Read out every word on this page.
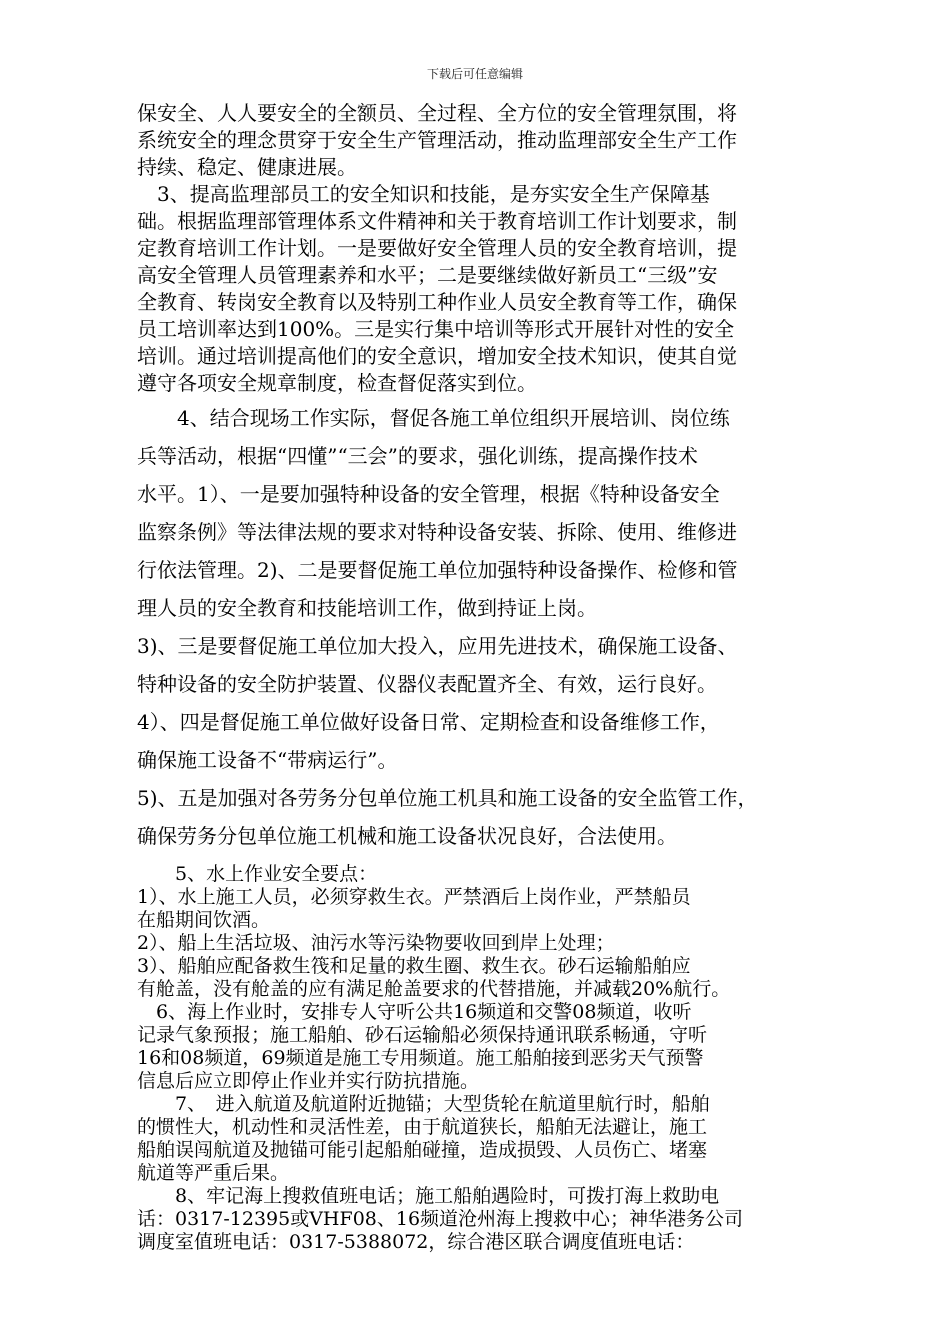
下载后可任意编辑

保安全、人人要安全的全额员、全过程、全方位的安全管理氛围，将

系统安全的理念贯穿于安全生产管理活动，推动监理部安全生产工作

持续、稳定、健康进展。

　3、提高监理部员工的安全知识和技能，是夯实安全生产保障基

础。根据监理部管理体系文件精神和关于教育培训工作计划要求，制

定教育培训工作计划。一是要做好安全管理人员的安全教育培训，提

高安全管理人员管理素养和水平；二是要继续做好新员工“三级”安

全教育、转岗安全教育以及特别工种作业人员安全教育等工作，确保

员工培训率达到100%。三是实行集中培训等形式开展针对性的安全

培训。通过培训提高他们的安全意识，增加安全技术知识，使其自觉

遵守各项安全规章制度，检查督促落实到位。

　　4、结合现场工作实际，督促各施工单位组织开展培训、岗位练

兵等活动，根据“四懂”“三会”的要求，强化训练，提高操作技术

水平。1）、一是要加强特种设备的安全管理，根据《特种设备安全

监察条例》等法律法规的要求对特种设备安装、拆除、使用、维修进

行依法管理。2)、二是要督促施工单位加强特种设备操作、检修和管

理人员的安全教育和技能培训工作，做到持证上岗。

3)、三是要督促施工单位加大投入，应用先进技术，确保施工设备、

特种设备的安全防护装置、仪器仪表配置齐全、有效，运行良好。

4）、四是督促施工单位做好设备日常、定期检查和设备维修工作，

确保施工设备不“带病运行”。

5)、五是加强对各劳务分包单位施工机具和施工设备的安全监管工作，

确保劳务分包单位施工机械和施工设备状况良好，合法使用。

　　5、水上作业安全要点：

1）、水上施工人员，必须穿救生衣。严禁酒后上岗作业，严禁船员

在船期间饮酒。

2）、船上生活垃圾、油污水等污染物要收回到岸上处理；

3）、船舶应配备救生筏和足量的救生圈、救生衣。砂石运输船舶应

有舱盖，没有舱盖的应有满足舱盖要求的代替措施，并减载20%航行。

　6、海上作业时，安排专人守听公共16频道和交警08频道，收听

记录气象预报；施工船舶、砂石运输船必须保持通讯联系畅通，守听

16和08频道，69频道是施工专用频道。施工船舶接到恶劣天气预警

信息后应立即停止作业并实行防抗措施。

　　7、　进入航道及航道附近抛锚；大型货轮在航道里航行时，船舶

的惯性大，机动性和灵活性差，由于航道狭长，船舶无法避让，施工

船舶误闯航道及抛锚可能引起船舶碰撞，造成损毁、人员伤亡、堵塞

航道等严重后果。

　　8、牢记海上搜救值班电话；施工船舶遇险时，可拨打海上救助电

话：0317-12395或VHF08、16频道沧州海上搜救中心；神华港务公司

调度室值班电话：0317-5388072，综合港区联合调度值班电话：
